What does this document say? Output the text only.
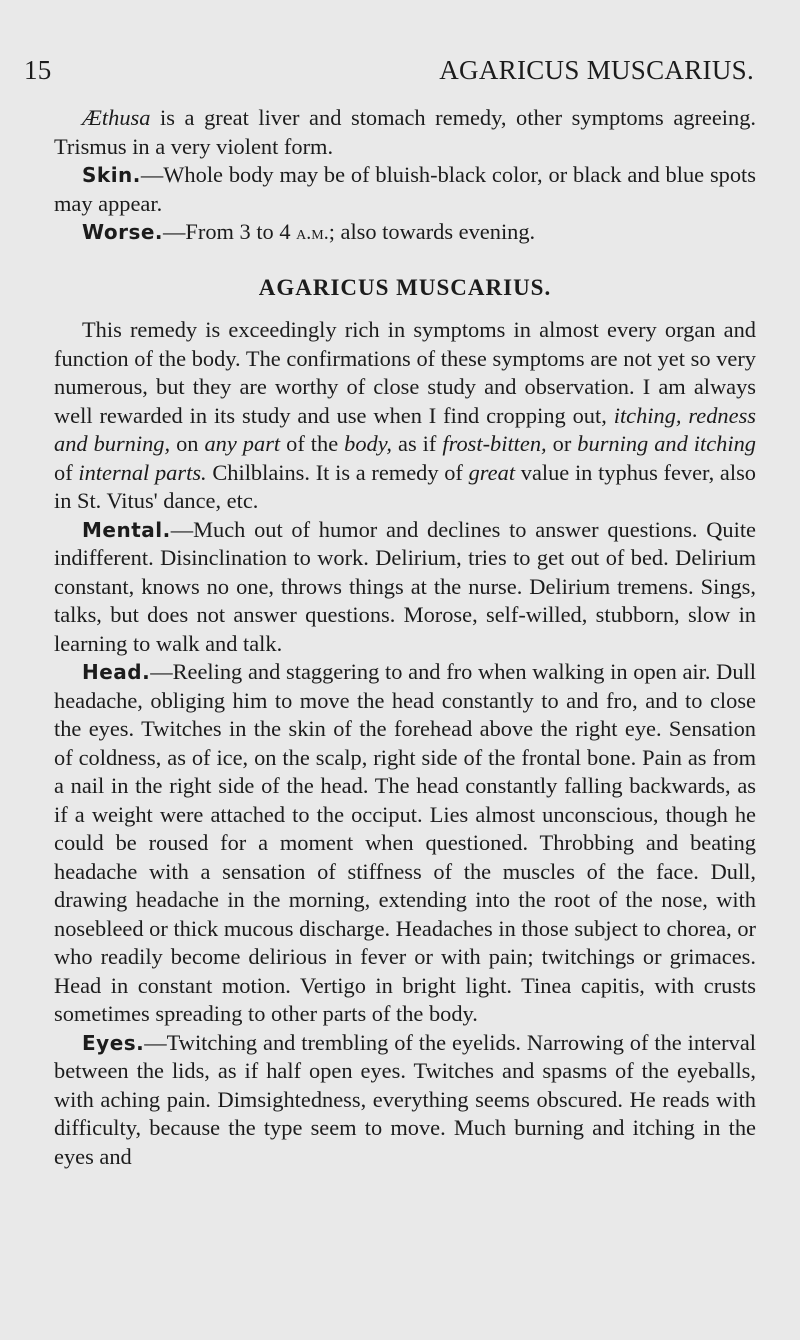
15	AGARICUS MUSCARIUS.

Æthusa is a great liver and stomach remedy, other symptoms agreeing. Trismus in a very violent form.

Skin.—Whole body may be of bluish-black color, or black and blue spots may appear.

Worse.—From 3 to 4 a.m.; also towards evening.

AGARICUS MUSCARIUS.

This remedy is exceedingly rich in symptoms in almost every organ and function of the body. The confirmations of these symptoms are not yet so very numerous, but they are worthy of close study and observation. I am always well rewarded in its study and use when I find cropping out, itching, redness and burning, on any part of the body, as if frost-bitten, or burning and itching of internal parts. Chilblains. It is a remedy of great value in typhus fever, also in St. Vitus' dance, etc.

Mental.—Much out of humor and declines to answer questions. Quite indifferent. Disinclination to work. Delirium, tries to get out of bed. Delirium constant, knows no one, throws things at the nurse. Delirium tremens. Sings, talks, but does not answer questions. Morose, self-willed, stubborn, slow in learning to walk and talk.

Head.—Reeling and staggering to and fro when walking in open air. Dull headache, obliging him to move the head constantly to and fro, and to close the eyes. Twitches in the skin of the forehead above the right eye. Sensation of coldness, as of ice, on the scalp, right side of the frontal bone. Pain as from a nail in the right side of the head. The head constantly falling backwards, as if a weight were attached to the occiput. Lies almost unconscious, though he could be roused for a moment when questioned. Throbbing and beating headache with a sensation of stiffness of the muscles of the face. Dull, drawing headache in the morning, extending into the root of the nose, with nosebleed or thick mucous discharge. Headaches in those subject to chorea, or who readily become delirious in fever or with pain; twitchings or grimaces. Head in constant motion. Vertigo in bright light. Tinea capitis, with crusts sometimes spreading to other parts of the body.

Eyes.—Twitching and trembling of the eyelids. Narrowing of the interval between the lids, as if half open eyes. Twitches and spasms of the eyeballs, with aching pain. Dimsightedness, everything seems obscured. He reads with difficulty, because the type seem to move. Much burning and itching in the eyes and
